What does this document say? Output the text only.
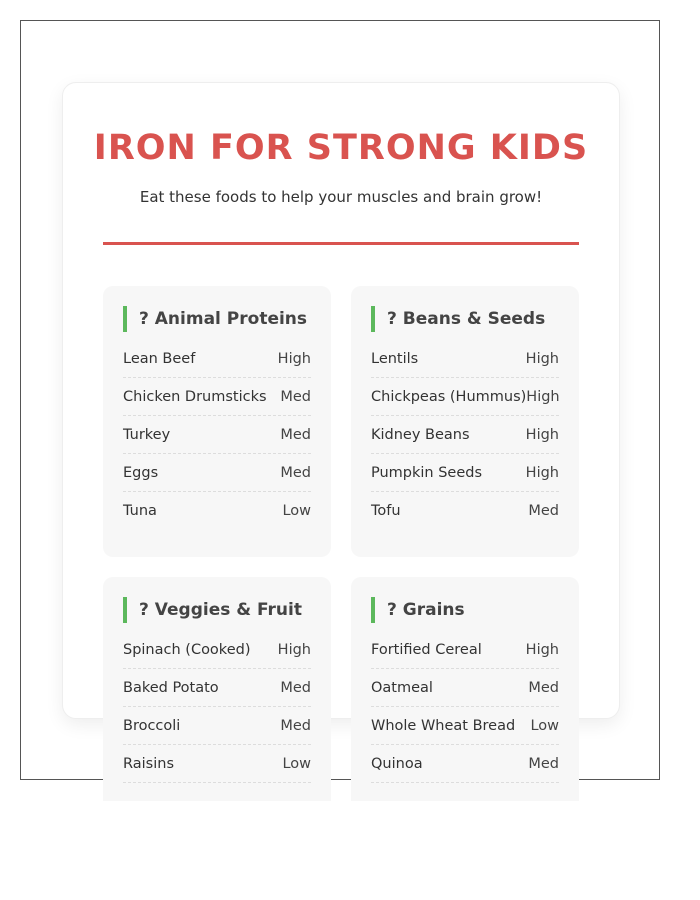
IRON FOR STRONG KIDS

Eat these foods to help your muscles and brain grow!

? Animal Proteins
Lean Beef	High
Chicken Drumsticks Med
Turkey	Med
Eggs	Med
Tuna	Low
? Beans & Seeds
Lentils	High
Chickpeas (Hummus) High
Kidney Beans	High
Pumpkin Seeds	High
Tofu	Med
? Veggies & Fruit
Spinach (Cooked) High
Baked Potato	Med
Broccoli	Med
Raisins	Low
? Grains
Fortified Cereal	High
Oatmeal	Med
Whole Wheat Bread Low
Quinoa	Med
